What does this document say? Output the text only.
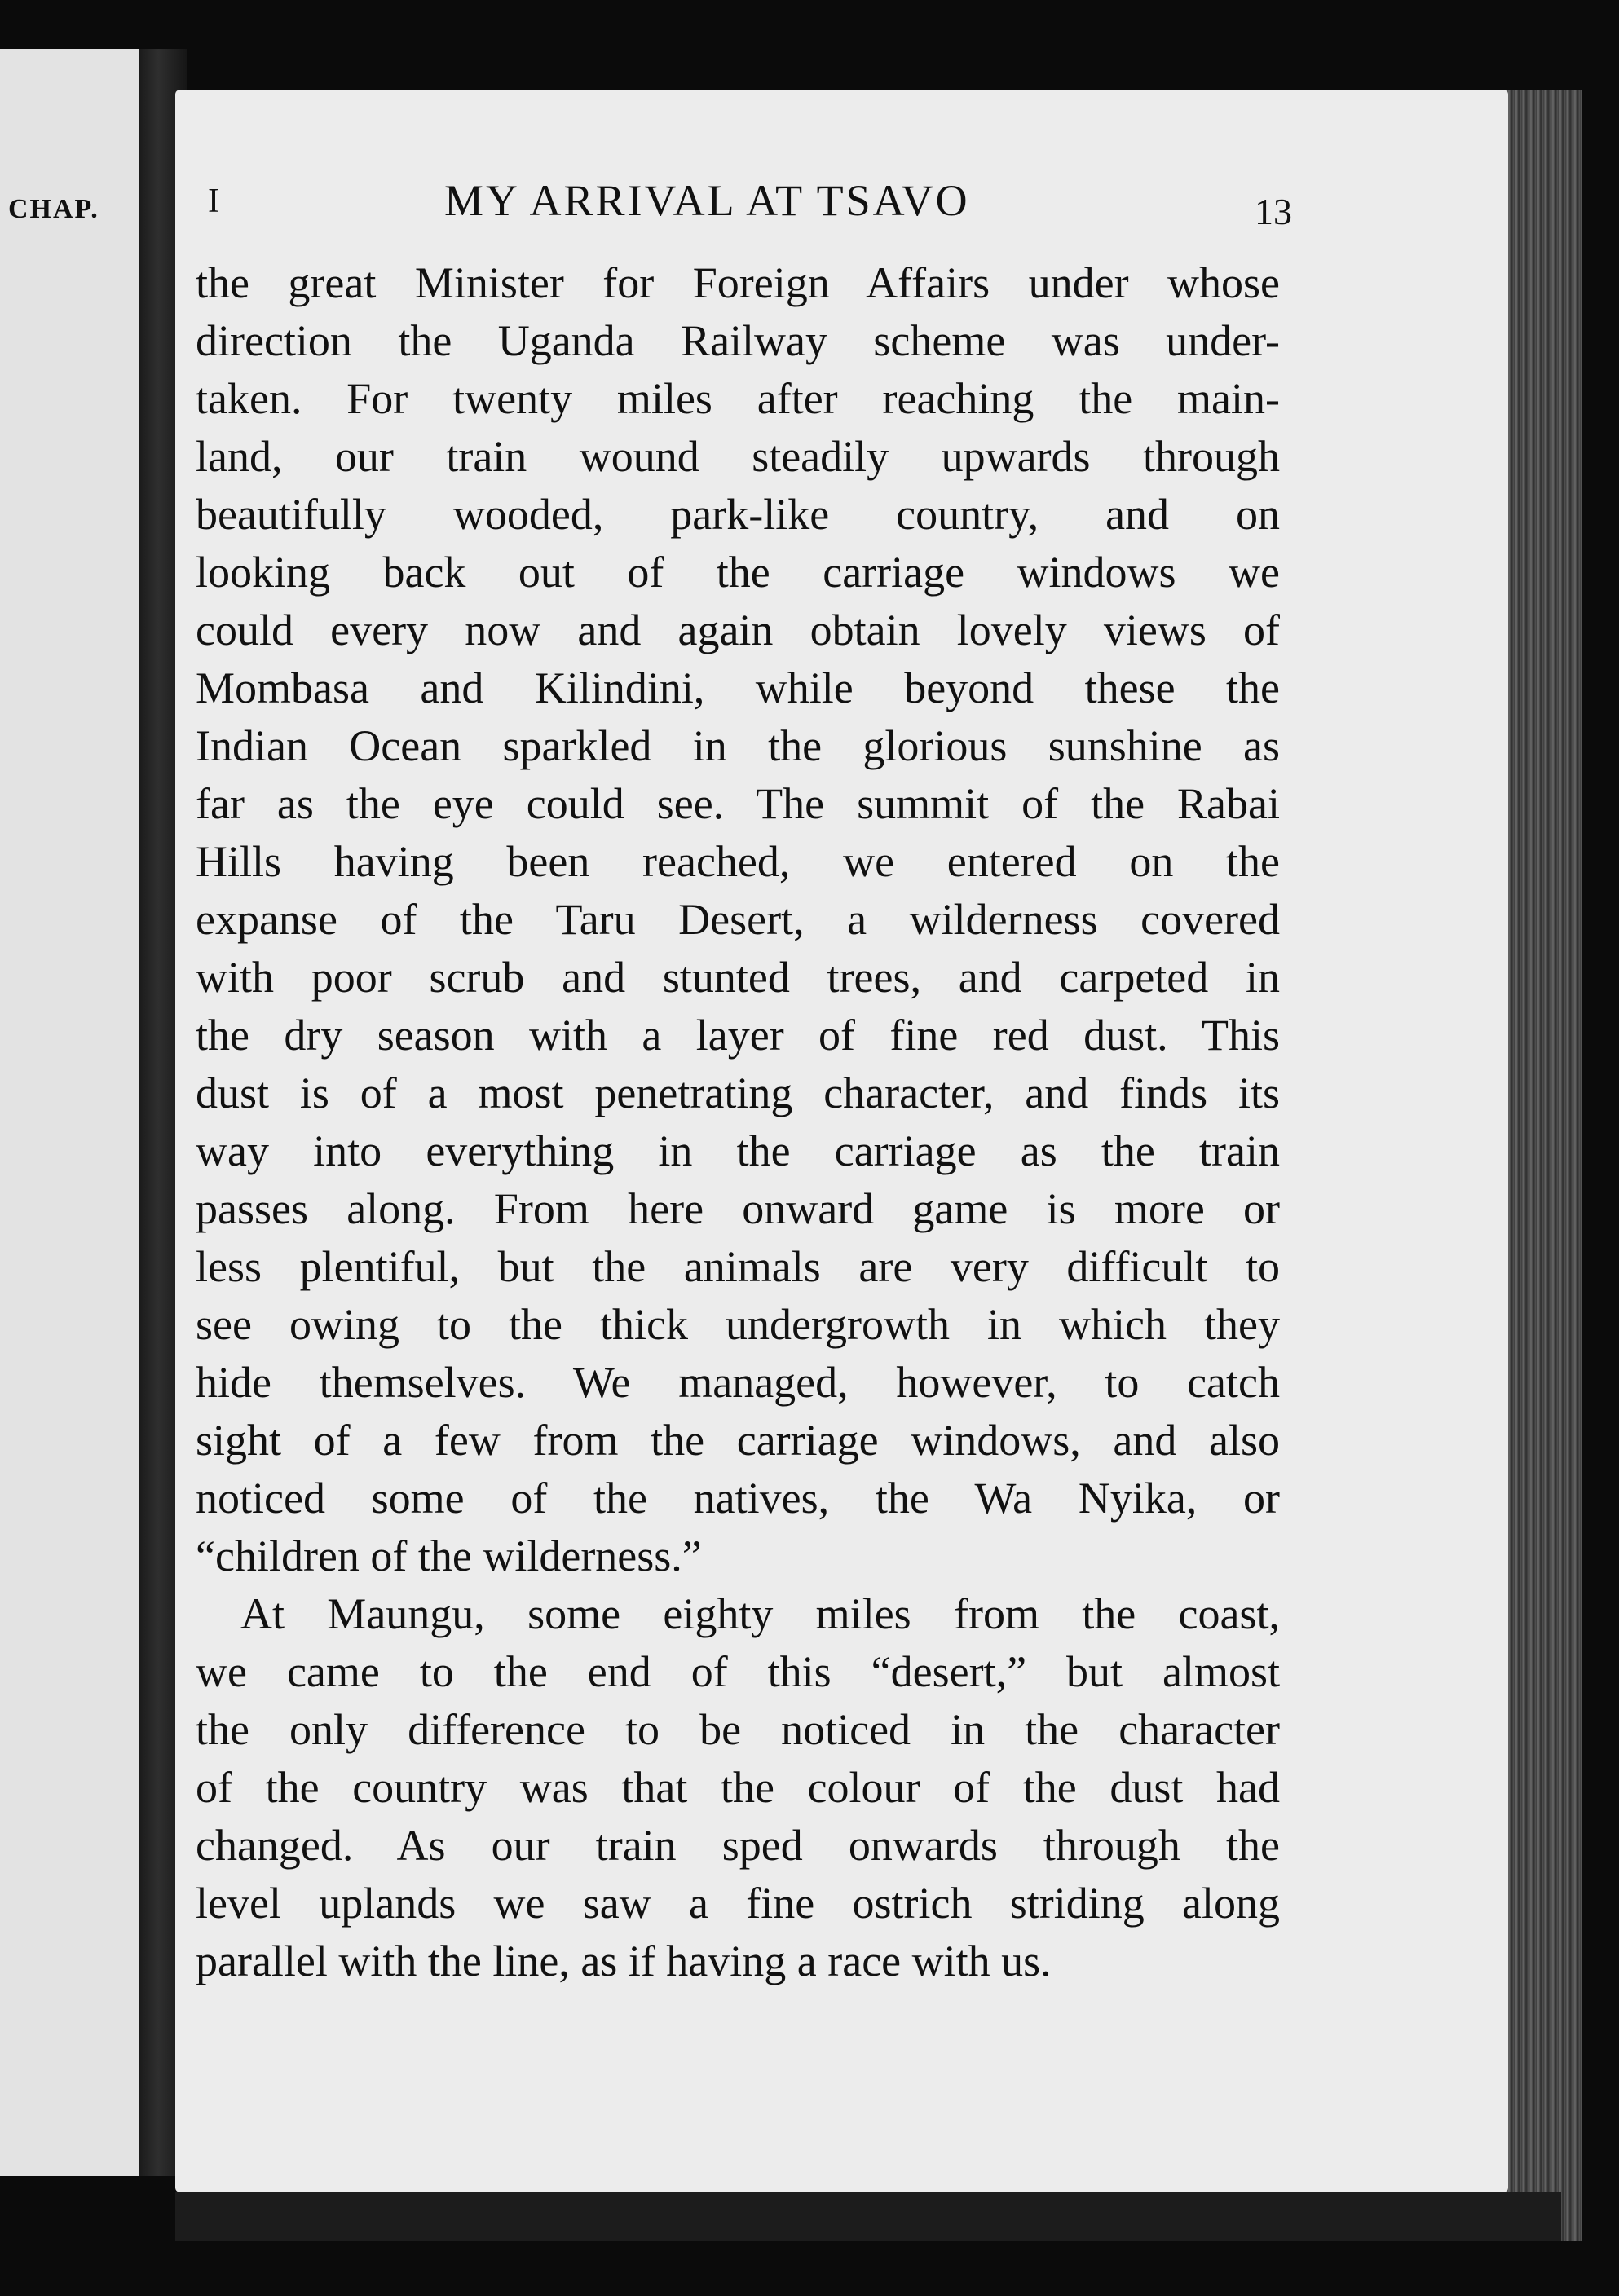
CHAP.

	I	MY ARRIVAL AT TSAVO	13
the great Minister for Foreign Affairs under whose
direction the Uganda Railway scheme was under-
taken. For twenty miles after reaching the main-
land, our train wound steadily upwards through
beautifully wooded, park-like country, and on
looking back out of the carriage windows we
could every now and again obtain lovely views of
Mombasa and Kilindini, while beyond these the
Indian Ocean sparkled in the glorious sunshine as
far as the eye could see. The summit of the Rabai
Hills having been reached, we entered on the
expanse of the Taru Desert, a wilderness covered
with poor scrub and stunted trees, and carpeted in
the dry season with a layer of fine red dust. This
dust is of a most penetrating character, and finds its
way into everything in the carriage as the train
passes along. From here onward game is more or
less plentiful, but the animals are very difficult to
see owing to the thick undergrowth in which they
hide themselves. We managed, however, to catch
sight of a few from the carriage windows, and also
noticed some of the natives, the Wa Nyika, or
“children of the wilderness.”
At Maungu, some eighty miles from the coast,
we came to the end of this “desert,” but almost
the only difference to be noticed in the character
of the country was that the colour of the dust had
changed. As our train sped onwards through the
level uplands we saw a fine ostrich striding along
parallel with the line, as if having a race with us.
